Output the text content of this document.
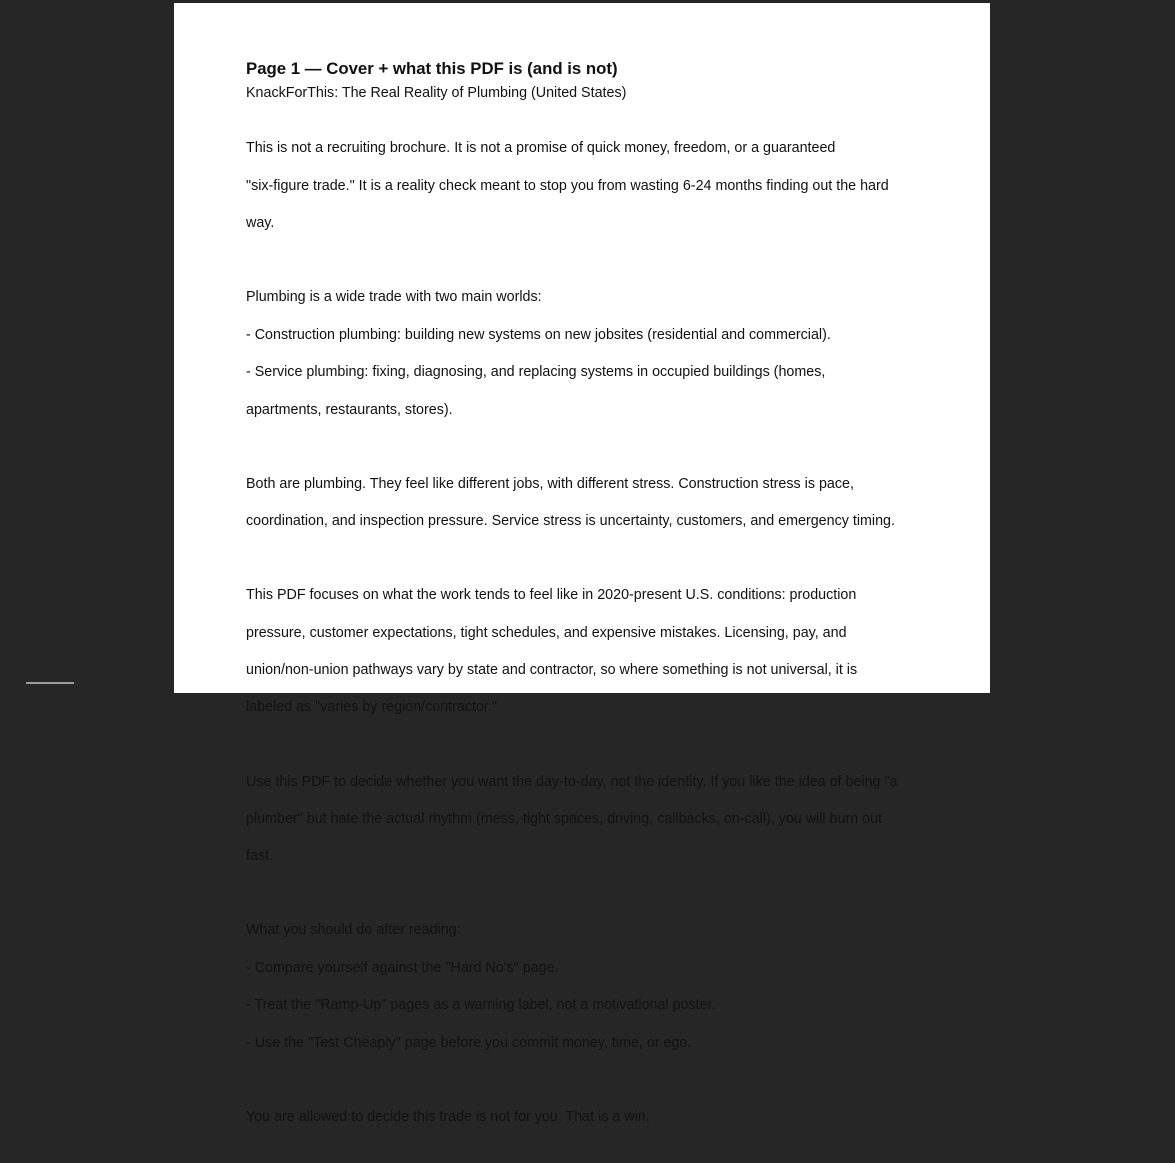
Page 1 — Cover + what this PDF is (and is not)
KnackForThis: The Real Reality of Plumbing (United States)

This is not a recruiting brochure. It is not a promise of quick money, freedom, or a guaranteed

"six-figure trade." It is a reality check meant to stop you from wasting 6-24 months finding out the hard

way.

Plumbing is a wide trade with two main worlds:

- Construction plumbing: building new systems on new jobsites (residential and commercial).

- Service plumbing: fixing, diagnosing, and replacing systems in occupied buildings (homes,

apartments, restaurants, stores).

Both are plumbing. They feel like different jobs, with different stress. Construction stress is pace,

coordination, and inspection pressure. Service stress is uncertainty, customers, and emergency timing.

This PDF focuses on what the work tends to feel like in 2020-present U.S. conditions: production

pressure, customer expectations, tight schedules, and expensive mistakes. Licensing, pay, and

union/non-union pathways vary by state and contractor, so where something is not universal, it is

labeled as "varies by region/contractor."

Use this PDF to decide whether you want the day-to-day, not the identity. If you like the idea of being "a

plumber" but hate the actual rhythm (mess, tight spaces, driving, callbacks, on-call), you will burn out

fast.

What you should do after reading:

- Compare yourself against the "Hard No's" page.

- Treat the "Ramp-Up" pages as a warning label, not a motivational poster.

- Use the "Test Cheaply" page before you commit money, time, or ego.

You are allowed to decide this trade is not for you. That is a win.
